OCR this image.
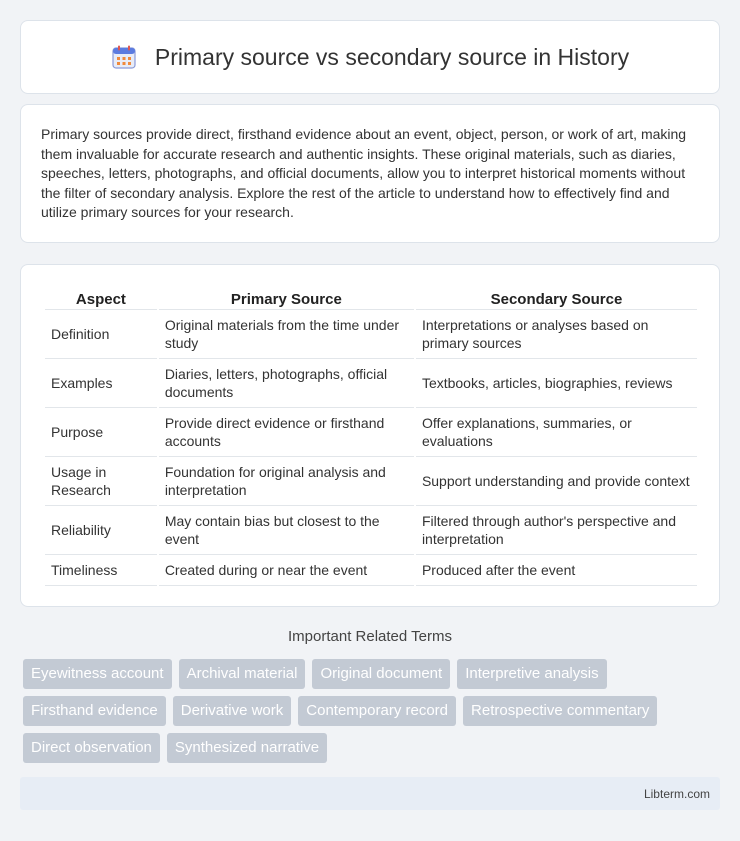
Primary source vs secondary source in History

Primary sources provide direct, firsthand evidence about an event, object, person, or work of art, making them invaluable for accurate research and authentic insights. These original materials, such as diaries, speeches, letters, photographs, and official documents, allow you to interpret historical moments without the filter of secondary analysis. Explore the rest of the article to understand how to effectively find and utilize primary sources for your research.

Aspect	Primary Source	Secondary Source
Definition	Original materials from the time under study	Interpretations or analyses based on primary sources
Examples	Diaries, letters, photographs, official documents	Textbooks, articles, biographies, reviews
Purpose	Provide direct evidence or firsthand accounts	Offer explanations, summaries, or evaluations
Usage in Research	Foundation for original analysis and interpretation	Support understanding and provide context
Reliability	May contain bias but closest to the event	Filtered through author's perspective and interpretation
Timeliness	Created during or near the event	Produced after the event
Important Related Terms
Eyewitness account	Archival material	Original document	Interpretive analysis
Firsthand evidence	Derivative work	Contemporary record	Retrospective commentary
Direct observation	Synthesized narrative
Libterm.com
